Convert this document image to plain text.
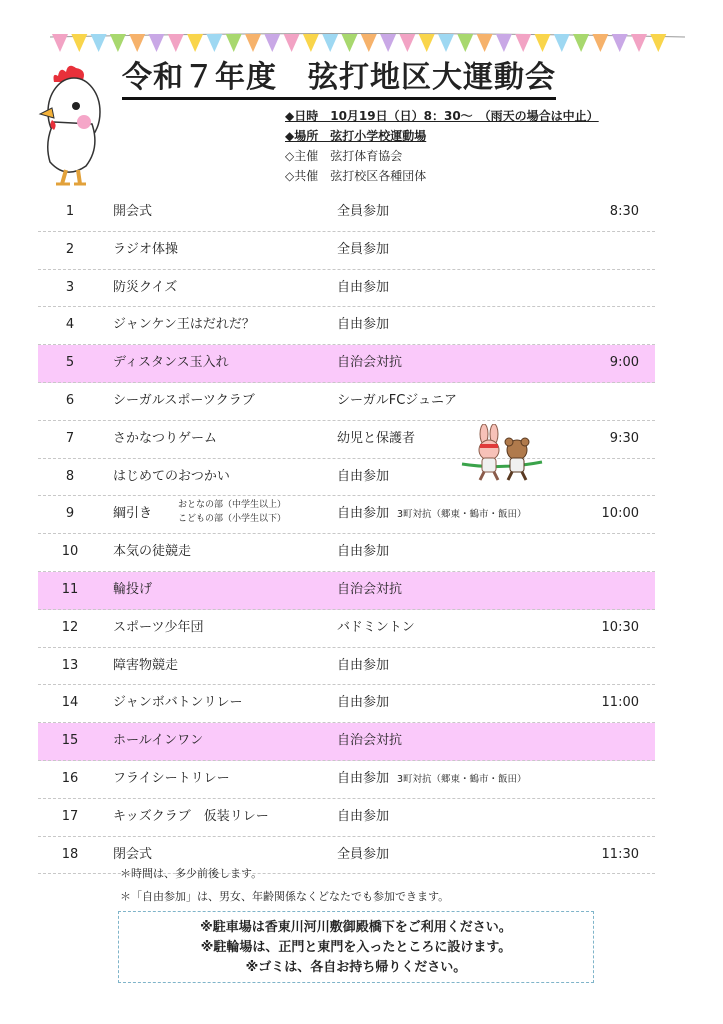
令和７年度　弦打地区大運動会
◆日時　10月19日（日）8：30～　（雨天の場合は中止）
◆場所　弦打小学校運動場
◇主催　弦打体育協会
◇共催　弦打校区各種団体
1	開会式	全員参加	8:30
2	ラジオ体操	全員参加
3	防災クイズ	自由参加
4	ジャンケン王はだれだ？	自由参加
5	ディスタンス玉入れ	自治会対抗	9:00
6	シーガルスポーツクラブ	シーガルFCジュニア
7	さかなつりゲーム	幼児と保護者	9:30
8	はじめてのおつかい	自由参加
9	綱引き
おとなの部（中学生以上）
こどもの部（小学生以下）	自由参加 3町対抗（郷東・鶴市・飯田）	10:00
10	本気の徒競走	自由参加
11	輪投げ	自治会対抗
12	スポーツ少年団	バドミントン	10:30
13	障害物競走	自由参加
14	ジャンボバトンリレー	自由参加	11:00
15	ホールインワン	自治会対抗
16	フライシートリレー	自由参加 3町対抗（郷東・鶴市・飯田）
17	キッズクラブ　仮装リレー	自由参加
18	閉会式	全員参加	11:30
＊時間は、多少前後します。
＊「自由参加」は、男女、年齢関係なくどなたでも参加できます。
※駐車場は香東川河川敷御殿橋下をご利用ください。
※駐輪場は、正門と東門を入ったところに設けます。
※ゴミは、各自お持ち帰りください。
